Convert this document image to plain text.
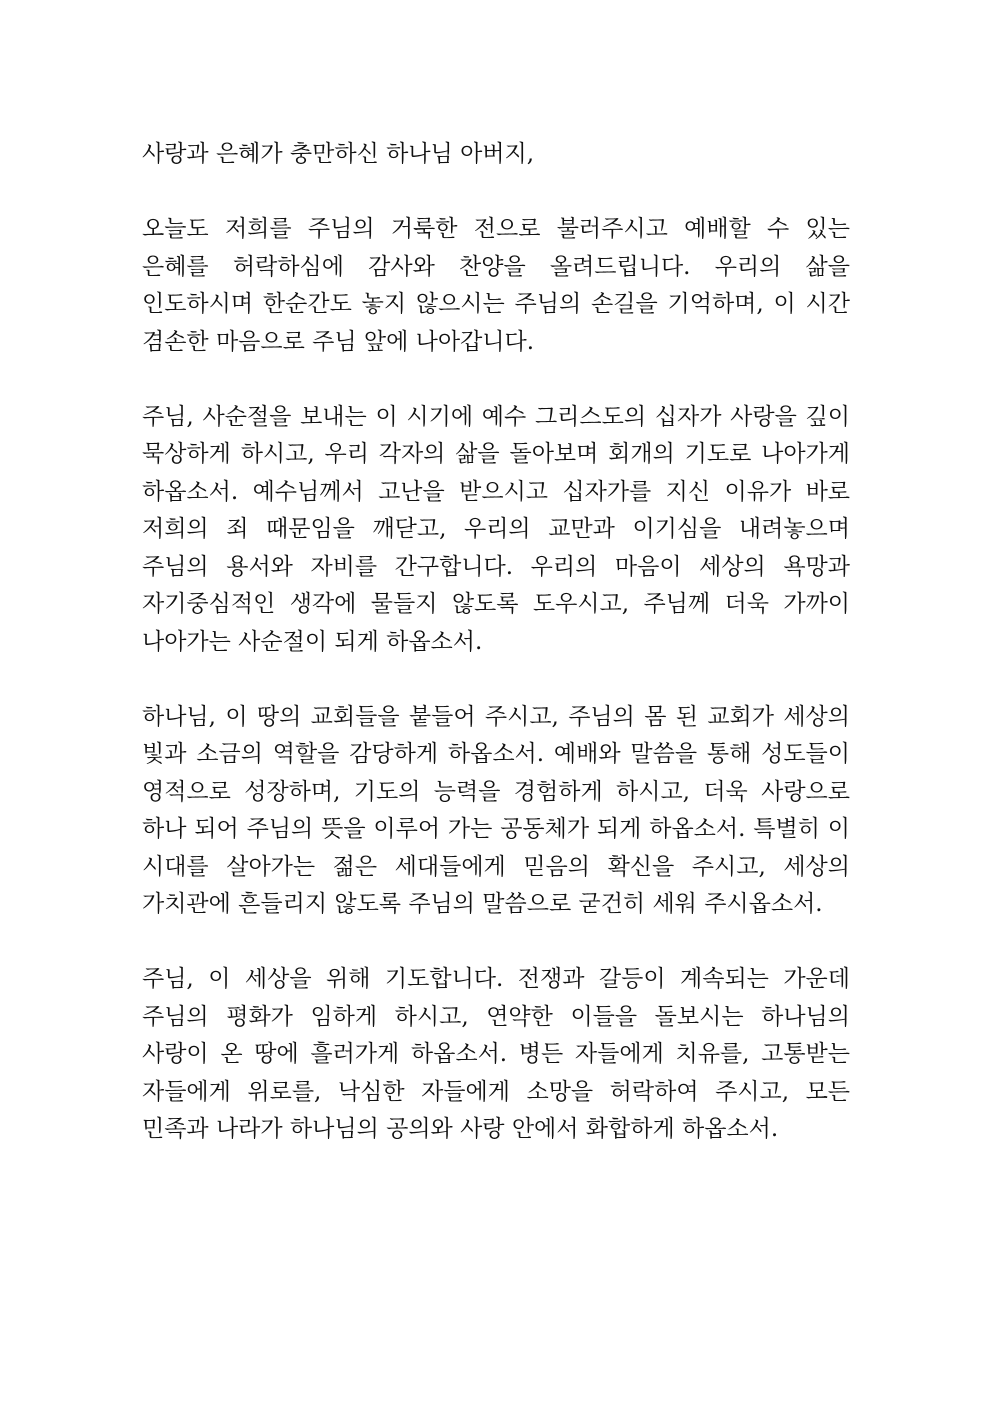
사랑과 은혜가 충만하신 하나님 아버지,

오늘도 저희를 주님의 거룩한 전으로 불러주시고 예배할 수 있는 은혜를 허락하심에 감사와 찬양을 올려드립니다. 우리의 삶을 인도하시며 한순간도 놓지 않으시는 주님의 손길을 기억하며, 이 시간 겸손한 마음으로 주님 앞에 나아갑니다.

주님, 사순절을 보내는 이 시기에 예수 그리스도의 십자가 사랑을 깊이 묵상하게 하시고, 우리 각자의 삶을 돌아보며 회개의 기도로 나아가게 하옵소서. 예수님께서 고난을 받으시고 십자가를 지신 이유가 바로 저희의 죄 때문임을 깨닫고, 우리의 교만과 이기심을 내려놓으며 주님의 용서와 자비를 간구합니다. 우리의 마음이 세상의 욕망과 자기중심적인 생각에 물들지 않도록 도우시고, 주님께 더욱 가까이 나아가는 사순절이 되게 하옵소서.

하나님, 이 땅의 교회들을 붙들어 주시고, 주님의 몸 된 교회가 세상의 빛과 소금의 역할을 감당하게 하옵소서. 예배와 말씀을 통해 성도들이 영적으로 성장하며, 기도의 능력을 경험하게 하시고, 더욱 사랑으로 하나 되어 주님의 뜻을 이루어 가는 공동체가 되게 하옵소서. 특별히 이 시대를 살아가는 젊은 세대들에게 믿음의 확신을 주시고, 세상의 가치관에 흔들리지 않도록 주님의 말씀으로 굳건히 세워 주시옵소서.

주님, 이 세상을 위해 기도합니다. 전쟁과 갈등이 계속되는 가운데 주님의 평화가 임하게 하시고, 연약한 이들을 돌보시는 하나님의 사랑이 온 땅에 흘러가게 하옵소서. 병든 자들에게 치유를, 고통받는 자들에게 위로를, 낙심한 자들에게 소망을 허락하여 주시고, 모든 민족과 나라가 하나님의 공의와 사랑 안에서 화합하게 하옵소서.
